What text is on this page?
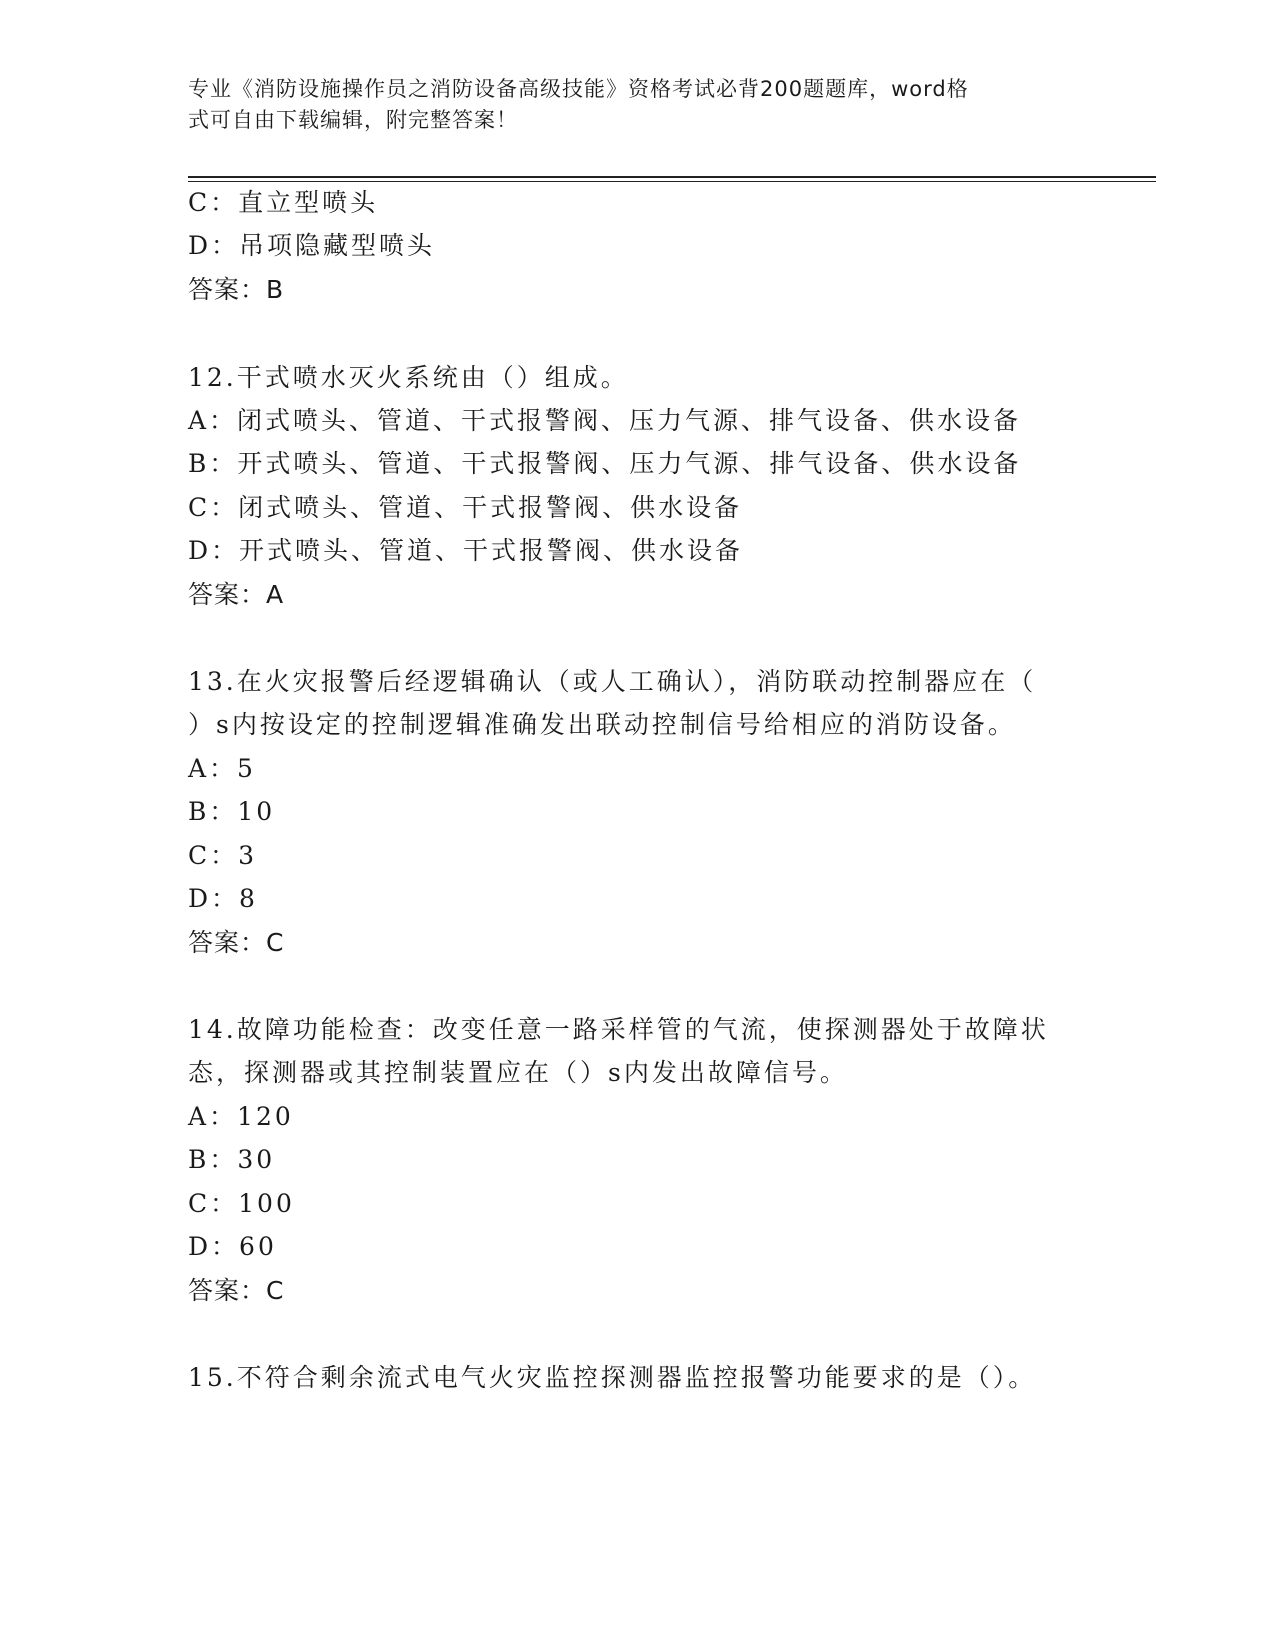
专业《消防设施操作员之消防设备高级技能》资格考试必背200题题库，word格
式可自由下载编辑，附完整答案！
C：直立型喷头
D：吊项隐藏型喷头
答案：B
12.干式喷水灭火系统由（）组成。
A：闭式喷头、管道、干式报警阀、压力气源、排气设备、供水设备
B：开式喷头、管道、干式报警阀、压力气源、排气设备、供水设备
C：闭式喷头、管道、干式报警阀、供水设备
D：开式喷头、管道、干式报警阀、供水设备
答案：A
13.在火灾报警后经逻辑确认（或人工确认），消防联动控制器应在（
）s内按设定的控制逻辑准确发出联动控制信号给相应的消防设备。
A：5
B：10
C：3
D：8
答案：C
14.故障功能检查：改变任意一路采样管的气流，使探测器处于故障状
态，探测器或其控制装置应在（）s内发出故障信号。
A：120
B：30
C：100
D：60
答案：C
15.不符合剩余流式电气火灾监控探测器监控报警功能要求的是（）。
